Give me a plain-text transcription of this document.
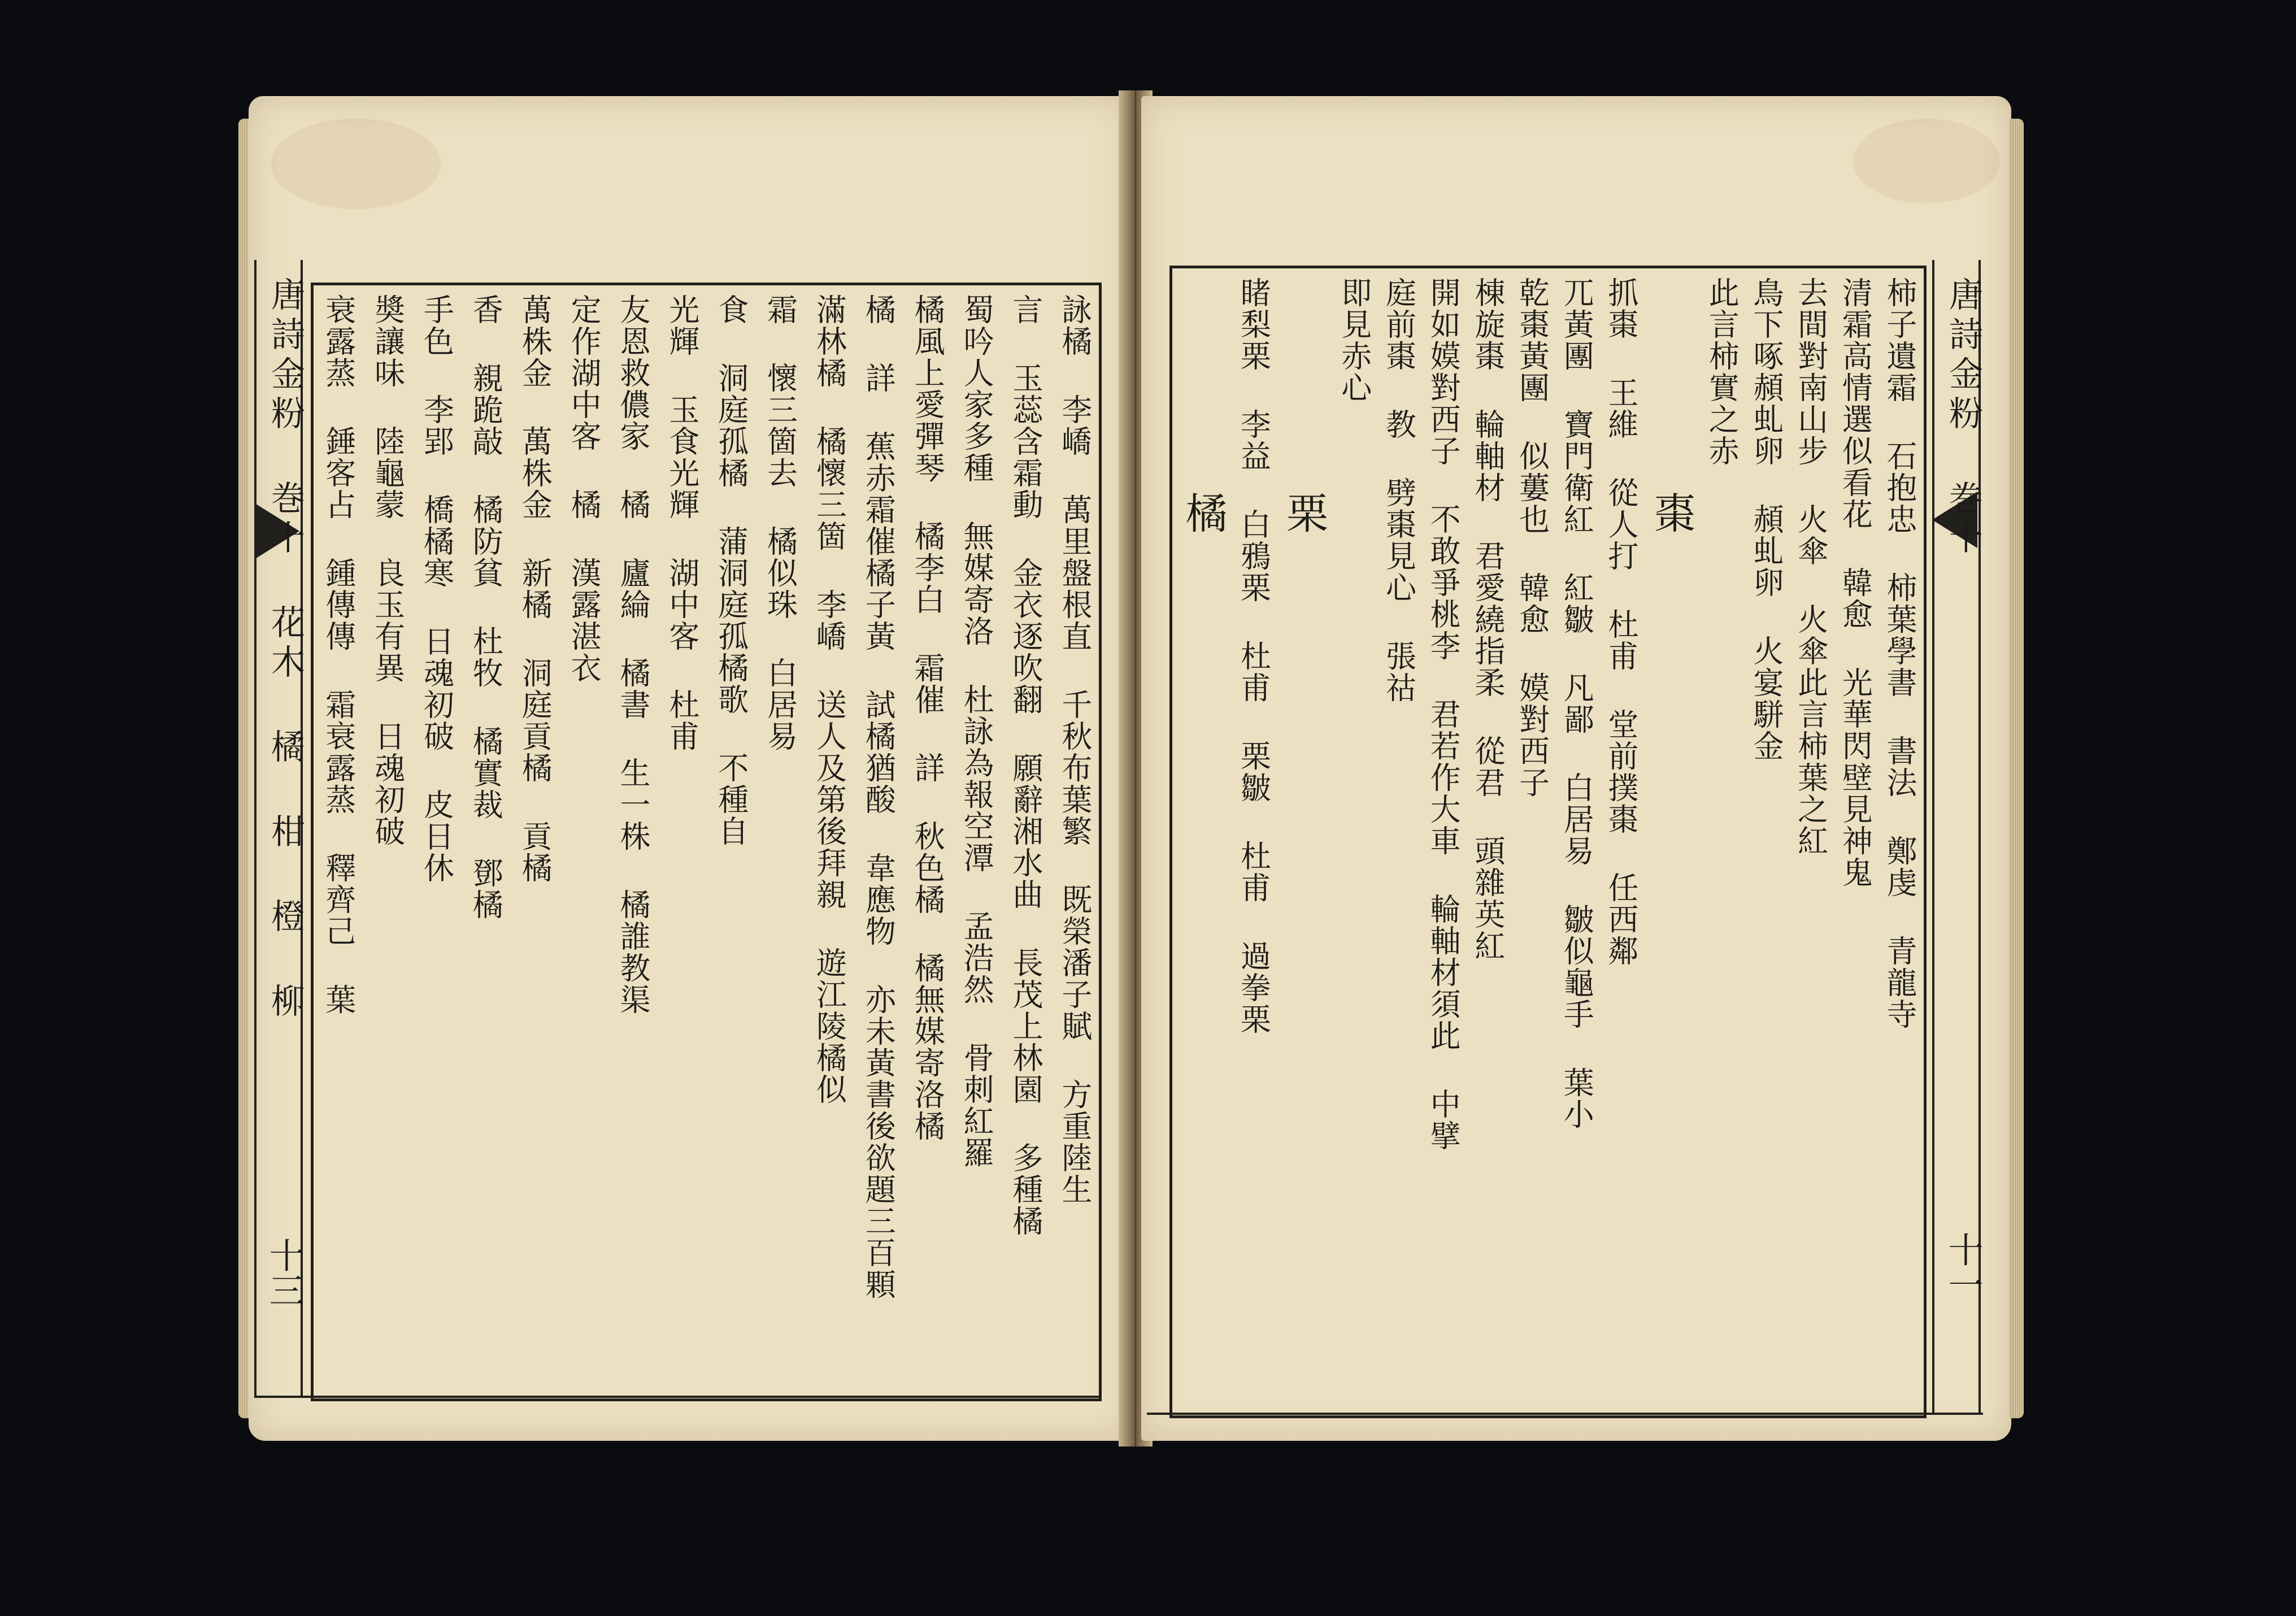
唐詩金粉 巻十 花木 橘 柑 橙 柳
十三
詠橘 李嶠 萬里盤根直 千秋布葉繁 既榮潘子賦 方重陸生
言 玉蕊含霜動 金衣逐吹翻 願辭湘水曲 長茂上林園 多種橘
蜀吟人家多種 無媒寄洛 杜詠為報空潭 孟浩然 骨刺紅羅
橘風上愛彈琴 橘李白 霜催 詳 秋色橘 橘無媒寄洛橘
橘 詳 蕉赤霜催橘子黃 試橘猶酸 韋應物 亦未黃書後欲題三百顆
滿林橘 橘懷三箇 李嶠 送人及第後拜親 遊江陵橘似
霜 懷三箇去 橘似珠 白居易
食 洞庭孤橘 蒲洞庭孤橘歌 不種自
光輝 玉食光輝 湖中客 杜甫
友恩救儂家 橘 廬綸 橘書 生一株 橘誰教渠
定作湖中客 橘 漢露湛衣
萬株金 萬株金 新橘 洞庭貢橘 貢橘
香 親跪敲 橘防貧 杜牧 橘實裁 鄧橘
手色 李郢 橋橘寒 日魂初破 皮日休
奬讓味 陸龜蒙 良玉有異 日魂初破
衰露蒸 錘客占 鍾傳傳 霜衰露蒸 釋齊己 葉	唐詩金粉 巻十
十一
柿子遺霜 石抱忠 柿葉學書 書法 鄭虔 青龍寺
清霜高情選似看花 韓愈 光華閃壁見神鬼
去間對南山步 火傘 火傘此言柿葉之紅
鳥下啄頳虬卵 頳虬卵 火宴駢金
此言柿實之赤
棗
抓棗 王維 從人打 杜甫 堂前撲棗 任西鄰
兀黃團 寶門衛紅 紅皺 凡鄙 白居易 皺似龜手 葉小
乾棗黃團 似蔞也 韓愈 嫫對西子
棟旋棗 輪軸材 君愛繞指柔 從君 頭雜英紅
開如嫫對西子 不敢爭桃李 君若作大車 輪軸材須此 中擘
庭前棗 教 劈棗見心 張祜
即見赤心
栗
睹梨栗 李益 白鴉栗 杜甫 栗皺 杜甫 過拳栗
橘
